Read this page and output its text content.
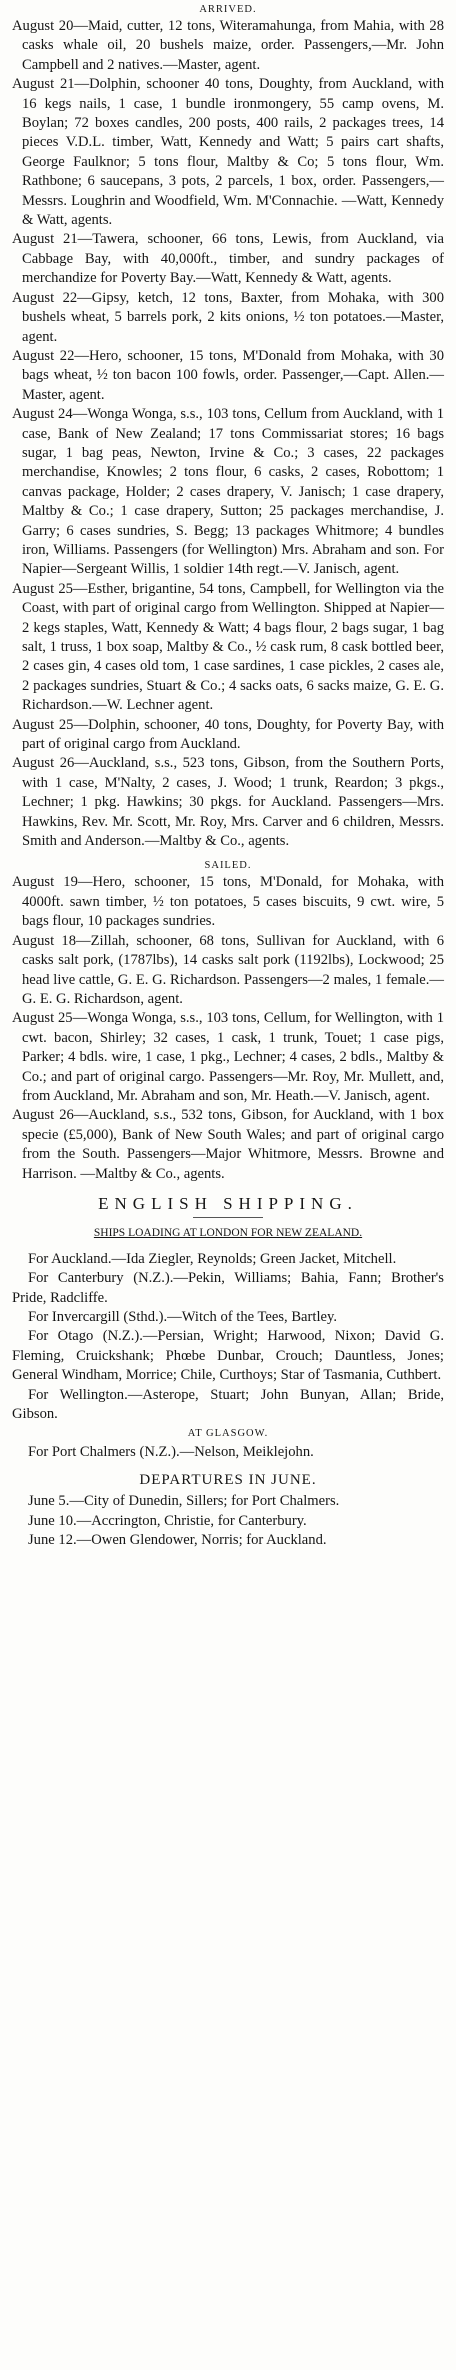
ARRIVED.

August 20—Maid, cutter, 12 tons, Witeramahunga, from Mahia, with 28 casks whale oil, 20 bushels maize, order. Passengers,—Mr. John Campbell and 2 natives.—Master, agent.

August 21—Dolphin, schooner 40 tons, Doughty, from Auckland, with 16 kegs nails, 1 case, 1 bundle ironmongery, 55 camp ovens, M. Boylan; 72 boxes candles, 200 posts, 400 rails, 2 packages trees, 14 pieces V.D.L. timber, Watt, Kennedy and Watt; 5 pairs cart shafts, George Faulknor; 5 tons flour, Maltby & Co; 5 tons flour, Wm. Rathbone; 6 saucepans, 3 pots, 2 parcels, 1 box, order. Passengers,—Messrs. Loughrin and Woodfield, Wm. M'Connachie. —Watt, Kennedy & Watt, agents.

August 21—Tawera, schooner, 66 tons, Lewis, from Auckland, via Cabbage Bay, with 40,000ft., timber, and sundry packages of merchandize for Poverty Bay.—Watt, Kennedy & Watt, agents.

August 22—Gipsy, ketch, 12 tons, Baxter, from Mohaka, with 300 bushels wheat, 5 barrels pork, 2 kits onions, ½ ton potatoes.—Master, agent.

August 22—Hero, schooner, 15 tons, M'Donald from Mohaka, with 30 bags wheat, ½ ton bacon 100 fowls, order. Passenger,—Capt. Allen.— Master, agent.

August 24—Wonga Wonga, s.s., 103 tons, Cellum from Auckland, with 1 case, Bank of New Zealand; 17 tons Commissariat stores; 16 bags sugar, 1 bag peas, Newton, Irvine & Co.; 3 cases, 22 packages merchandise, Knowles; 2 tons flour, 6 casks, 2 cases, Robottom; 1 canvas package, Holder; 2 cases drapery, V. Janisch; 1 case drapery, Maltby & Co.; 1 case drapery, Sutton; 25 packages merchandise, J. Garry; 6 cases sundries, S. Begg; 13 packages Whitmore; 4 bundles iron, Williams. Passengers (for Wellington) Mrs. Abraham and son. For Napier—Sergeant Willis, 1 soldier 14th regt.—V. Janisch, agent.

August 25—Esther, brigantine, 54 tons, Campbell, for Wellington via the Coast, with part of original cargo from Wellington. Shipped at Napier—2 kegs staples, Watt, Kennedy & Watt; 4 bags flour, 2 bags sugar, 1 bag salt, 1 truss, 1 box soap, Maltby & Co., ½ cask rum, 8 cask bottled beer, 2 cases gin, 4 cases old tom, 1 case sardines, 1 case pickles, 2 cases ale, 2 packages sundries, Stuart & Co.; 4 sacks oats, 6 sacks maize, G. E. G. Richardson.—W. Lechner agent.

August 25—Dolphin, schooner, 40 tons, Doughty, for Poverty Bay, with part of original cargo from Auckland.

August 26—Auckland, s.s., 523 tons, Gibson, from the Southern Ports, with 1 case, M'Nalty, 2 cases, J. Wood; 1 trunk, Reardon; 3 pkgs., Lechner; 1 pkg. Hawkins; 30 pkgs. for Auckland. Passengers—Mrs. Hawkins, Rev. Mr. Scott, Mr. Roy, Mrs. Carver and 6 children, Messrs. Smith and Anderson.—Maltby & Co., agents.

SAILED.

August 19—Hero, schooner, 15 tons, M'Donald, for Mohaka, with 4000ft. sawn timber, ½ ton potatoes, 5 cases biscuits, 9 cwt. wire, 5 bags flour, 10 packages sundries.

August 18—Zillah, schooner, 68 tons, Sullivan for Auckland, with 6 casks salt pork, (1787lbs), 14 casks salt pork (1192lbs), Lockwood; 25 head live cattle, G. E. G. Richardson. Passengers—2 males, 1 female.—G. E. G. Richardson, agent.

August 25—Wonga Wonga, s.s., 103 tons, Cellum, for Wellington, with 1 cwt. bacon, Shirley; 32 cases, 1 cask, 1 trunk, Touet; 1 case pigs, Parker; 4 bdls. wire, 1 case, 1 pkg., Lechner; 4 cases, 2 bdls., Maltby & Co.; and part of original cargo. Passengers—Mr. Roy, Mr. Mullett, and, from Auckland, Mr. Abraham and son, Mr. Heath.—V. Janisch, agent.

August 26—Auckland, s.s., 532 tons, Gibson, for Auckland, with 1 box specie (£5,000), Bank of New South Wales; and part of original cargo from the South. Passengers—Major Whitmore, Messrs. Browne and Harrison. —Maltby & Co., agents.

ENGLISH SHIPPING.
SHIPS LOADING AT LONDON FOR NEW ZEALAND.

For Auckland.—Ida Ziegler, Reynolds; Green Jacket, Mitchell.

For Canterbury (N.Z.).—Pekin, Williams; Bahia, Fann; Brother's Pride, Radcliffe.

For Invercargill (Sthd.).—Witch of the Tees, Bartley.

For Otago (N.Z.).—Persian, Wright; Harwood, Nixon; David G. Fleming, Cruickshank; Phœbe Dunbar, Crouch; Dauntless, Jones; General Windham, Morrice; Chile, Curthoys; Star of Tasmania, Cuthbert.

For Wellington.—Asterope, Stuart; John Bunyan, Allan; Bride, Gibson.

AT GLASGOW.

For Port Chalmers (N.Z.).—Nelson, Meiklejohn.

DEPARTURES IN JUNE.

June 5.—City of Dunedin, Sillers; for Port Chalmers.

June 10.—Accrington, Christie, for Canterbury.

June 12.—Owen Glendower, Norris; for Auckland.
